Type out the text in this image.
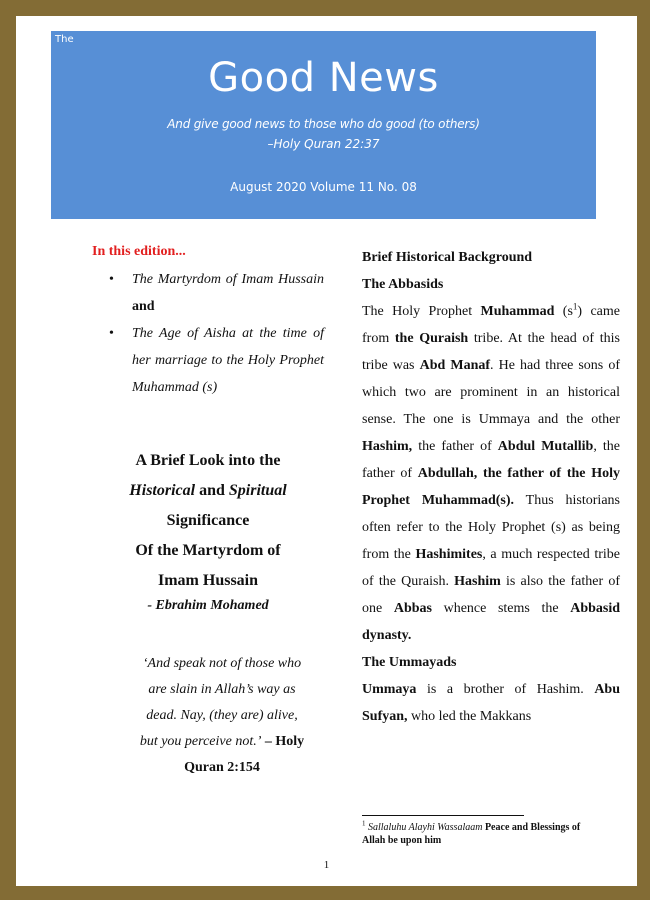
The
Good News
And give good news to those who do good (to others)
–Holy Quran 22:37
August 2020 Volume 11 No. 08
In this edition...
• The Martyrdom of Imam Hussain and
• The Age of Aisha at the time of her marriage to the Holy Prophet Muhammad (s)
A Brief Look into the
Historical and Spiritual
Significance
Of the Martyrdom of
Imam Hussain
- Ebrahim Mohamed
‘And speak not of those who
are slain in Allah’s way as
dead. Nay, (they are) alive,
but you perceive not.’ – Holy
Quran 2:154
Brief Historical Background
The Abbasids

The Holy Prophet Muhammad $(s^1)$ came from the Quraish tribe. At the head of this tribe was Abd Manaf. He had three sons of which two are prominent in an historical sense. The one is Ummaya and the other Hashim, the father of Abdul Mutallib, the father of Abdullah, the father of the Holy Prophet Muhammad(s). Thus historians often refer to the Holy Prophet (s) as being from the Hashimites, a much respected tribe of the Quraish. Hashim is also the father of one Abbas whence stems the Abbasid dynasty.

The Ummayads

Ummaya is a brother of Hashim. Abu Sufyan, who led the Makkans

$^1$ Sallaluhu Alayhi Wassalaam Peace and Blessings of Allah be upon him
1
